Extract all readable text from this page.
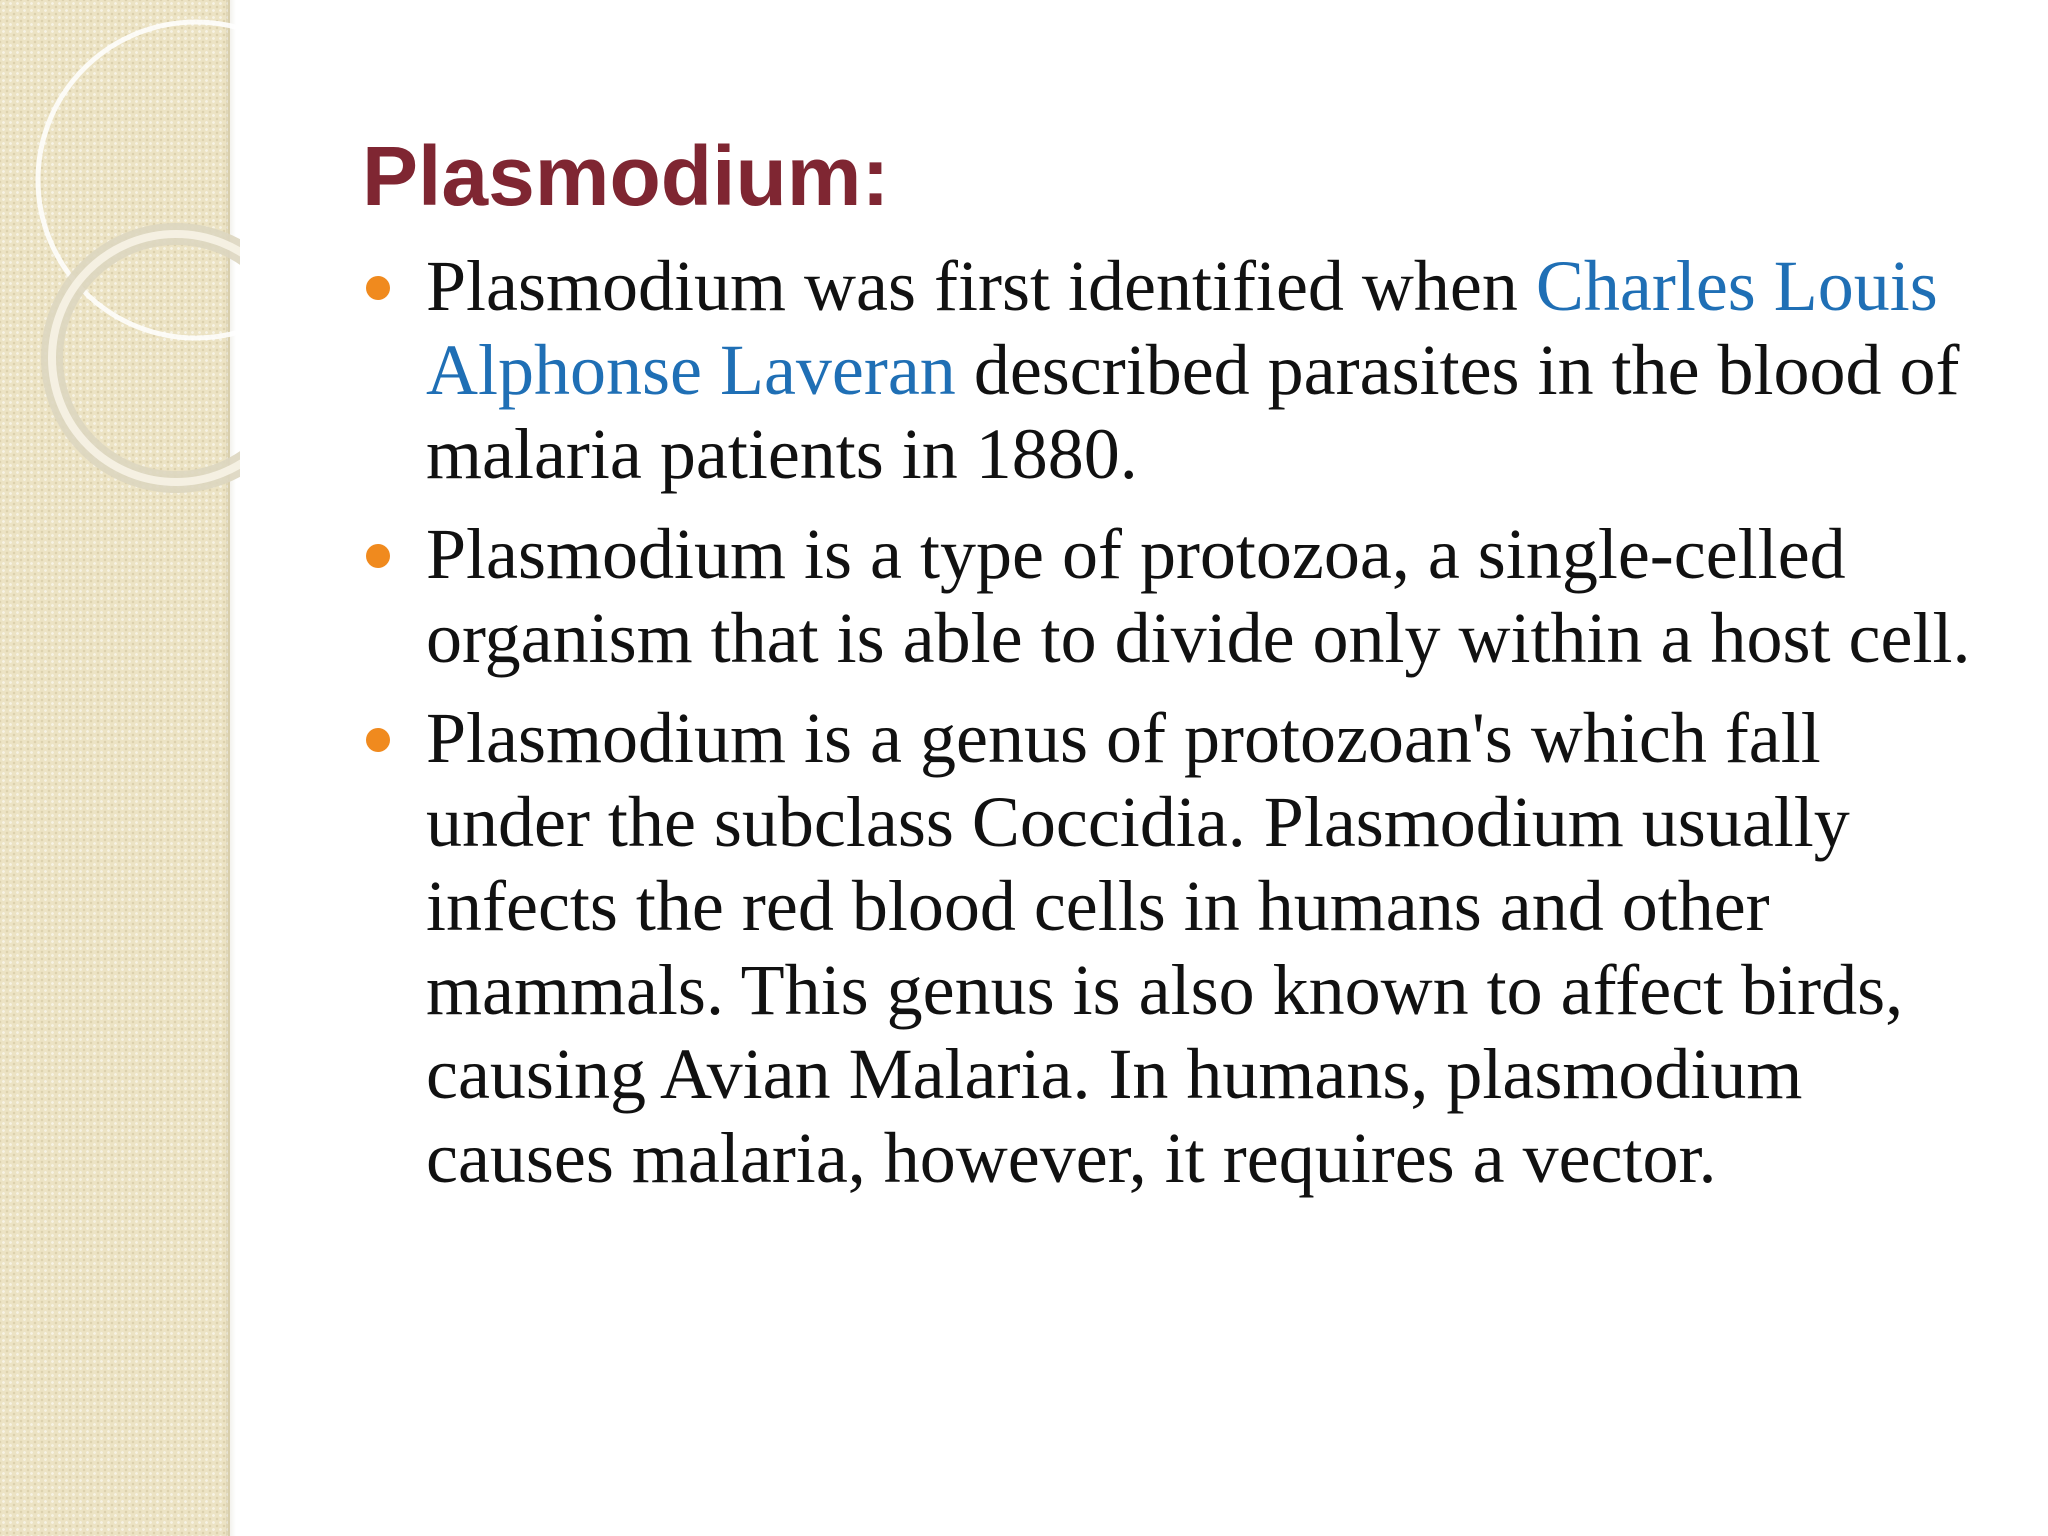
Plasmodium:
Plasmodium was first identified when Charles Louis Alphonse Laveran described parasites in the blood of malaria patients in 1880.
Plasmodium is a type of protozoa, a single-celled organism that is able to divide only within a host cell.
Plasmodium is a genus of protozoan's which fall under the subclass Coccidia. Plasmodium usually infects the red blood cells in humans and other mammals. This genus is also known to affect birds, causing Avian Malaria. In humans, plasmodium causes malaria, however, it requires a vector.
